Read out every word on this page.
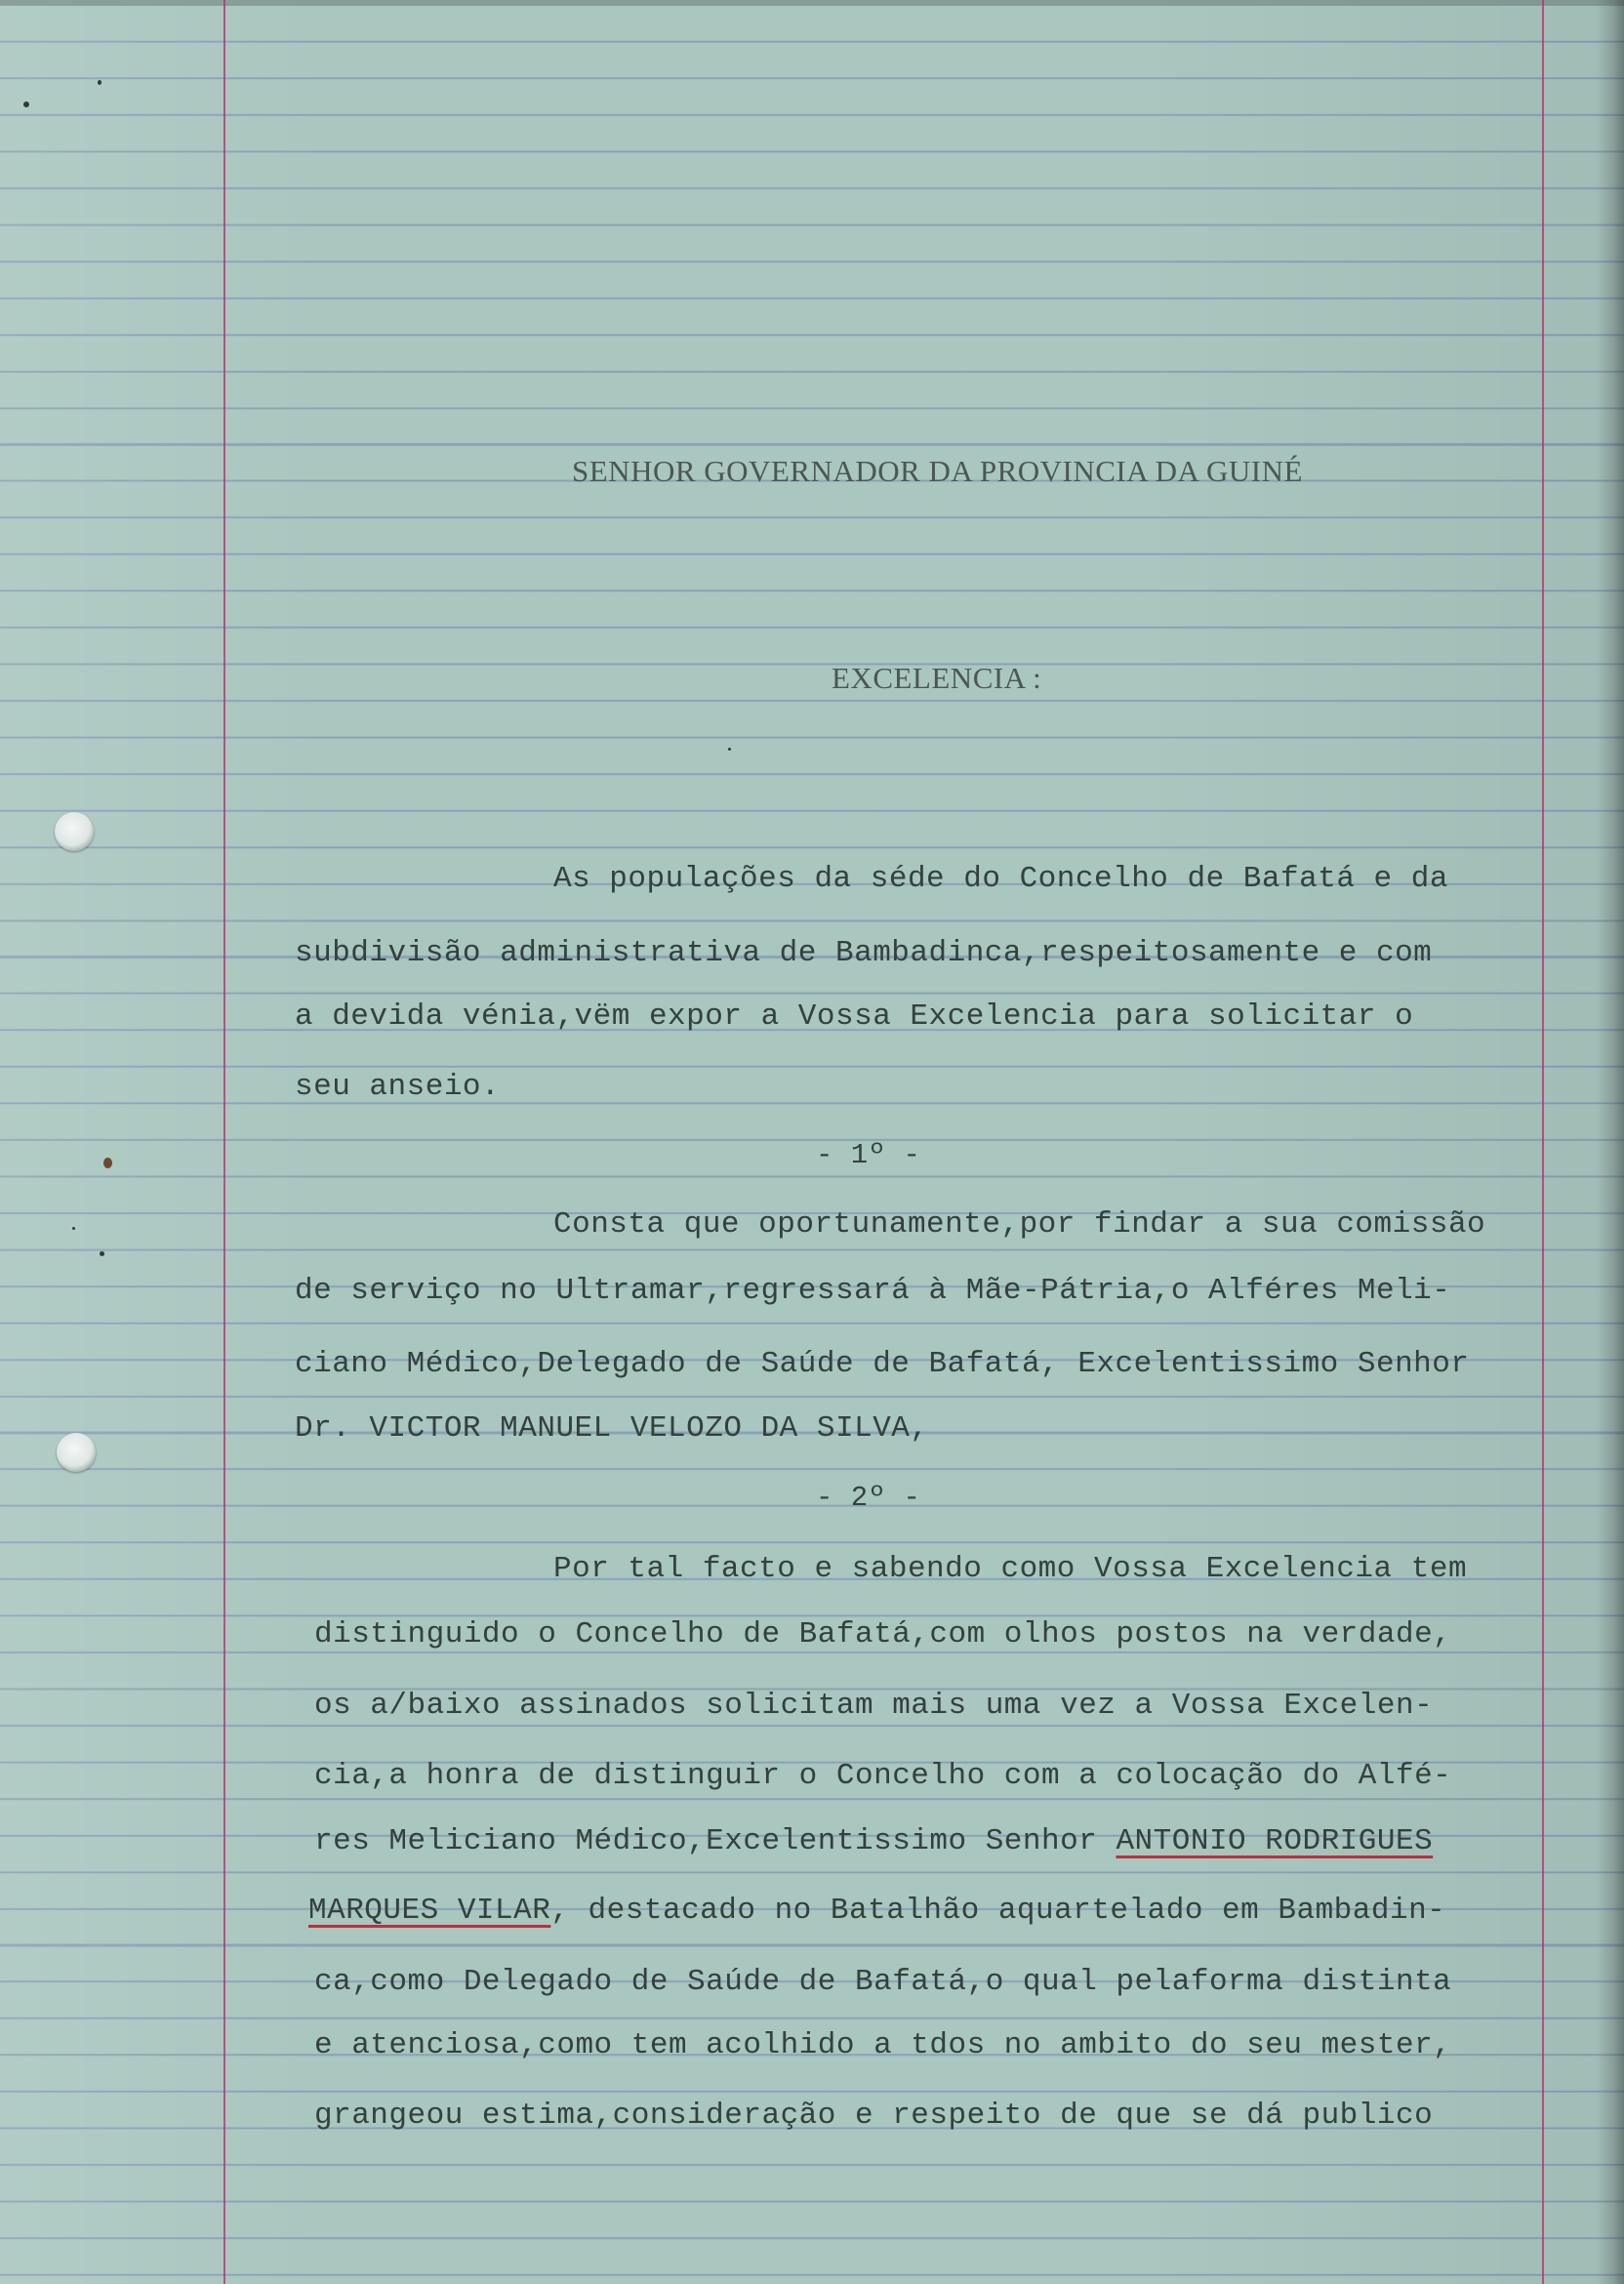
SENHOR GOVERNADOR DA PROVINCIA DA GUINÉ
EXCELENCIA :
As populações da séde do Concelho de Bafatá e da
subdivisão administrativa de Bambadinca,respeitosamente e com
a devida vénia,vëm expor a Vossa Excelencia para solicitar o
seu anseio.
- 1º -
Consta que oportunamente,por findar a sua comissão
de serviço no Ultramar,regressará à Mãe-Pátria,o Alféres Meli-
ciano Médico,Delegado de Saúde de Bafatá, Excelentissimo Senhor
Dr. VICTOR MANUEL VELOZO DA SILVA,
- 2º -
Por tal facto e sabendo como Vossa Excelencia tem
distinguido o Concelho de Bafatá,com olhos postos na verdade,
os a/baixo assinados solicitam mais uma vez a Vossa Excelen-
cia,a honra de distinguir o Concelho com a colocação do Alfé-
res Meliciano Médico,Excelentissimo Senhor ANTONIO RODRIGUES
MARQUES VILAR, destacado no Batalhão aquartelado em Bambadin-
ca,como Delegado de Saúde de Bafatá,o qual pelaforma distinta
e atenciosa,como tem acolhido a tdos no ambito do seu mester,
grangeou estima,consideração e respeito de que se dá publico
